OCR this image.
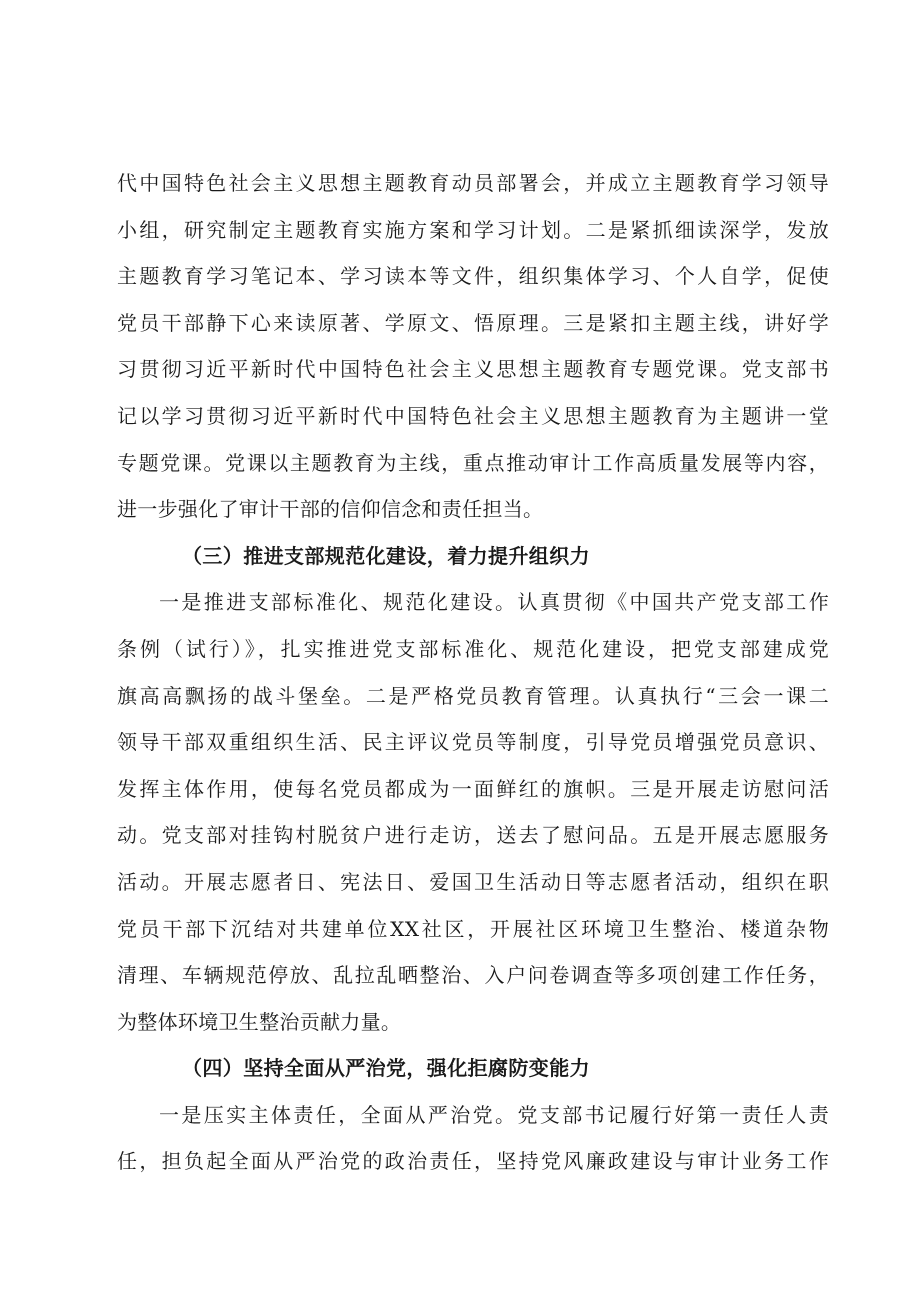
代中国特色社会主义思想主题教育动员部署会，并成立主题教育学习领导
小组，研究制定主题教育实施方案和学习计划。二是紧抓细读深学，发放
主题教育学习笔记本、学习读本等文件，组织集体学习、个人自学，促使
党员干部静下心来读原著、学原文、悟原理。三是紧扣主题主线，讲好学
习贯彻习近平新时代中国特色社会主义思想主题教育专题党课。党支部书
记以学习贯彻习近平新时代中国特色社会主义思想主题教育为主题讲一堂
专题党课。党课以主题教育为主线，重点推动审计工作高质量发展等内容，
进一步强化了审计干部的信仰信念和责任担当。
（三）推进支部规范化建设，着力提升组织力
一是推进支部标准化、规范化建设。认真贯彻《中国共产党支部工作
条例（试行）》，扎实推进党支部标准化、规范化建设，把党支部建成党
旗高高飘扬的战斗堡垒。二是严格党员教育管理。认真执行“三会一课二
领导干部双重组织生活、民主评议党员等制度，引导党员增强党员意识、
发挥主体作用，使每名党员都成为一面鲜红的旗帜。三是开展走访慰问活
动。党支部对挂钩村脱贫户进行走访，送去了慰问品。五是开展志愿服务
活动。开展志愿者日、宪法日、爱国卫生活动日等志愿者活动，组织在职
党员干部下沉结对共建单位XX社区，开展社区环境卫生整治、楼道杂物
清理、车辆规范停放、乱拉乱晒整治、入户问卷调查等多项创建工作任务，
为整体环境卫生整治贡献力量。
（四）坚持全面从严治党，强化拒腐防变能力
一是压实主体责任，全面从严治党。党支部书记履行好第一责任人责
任，担负起全面从严治党的政治责任，坚持党风廉政建设与审计业务工作
